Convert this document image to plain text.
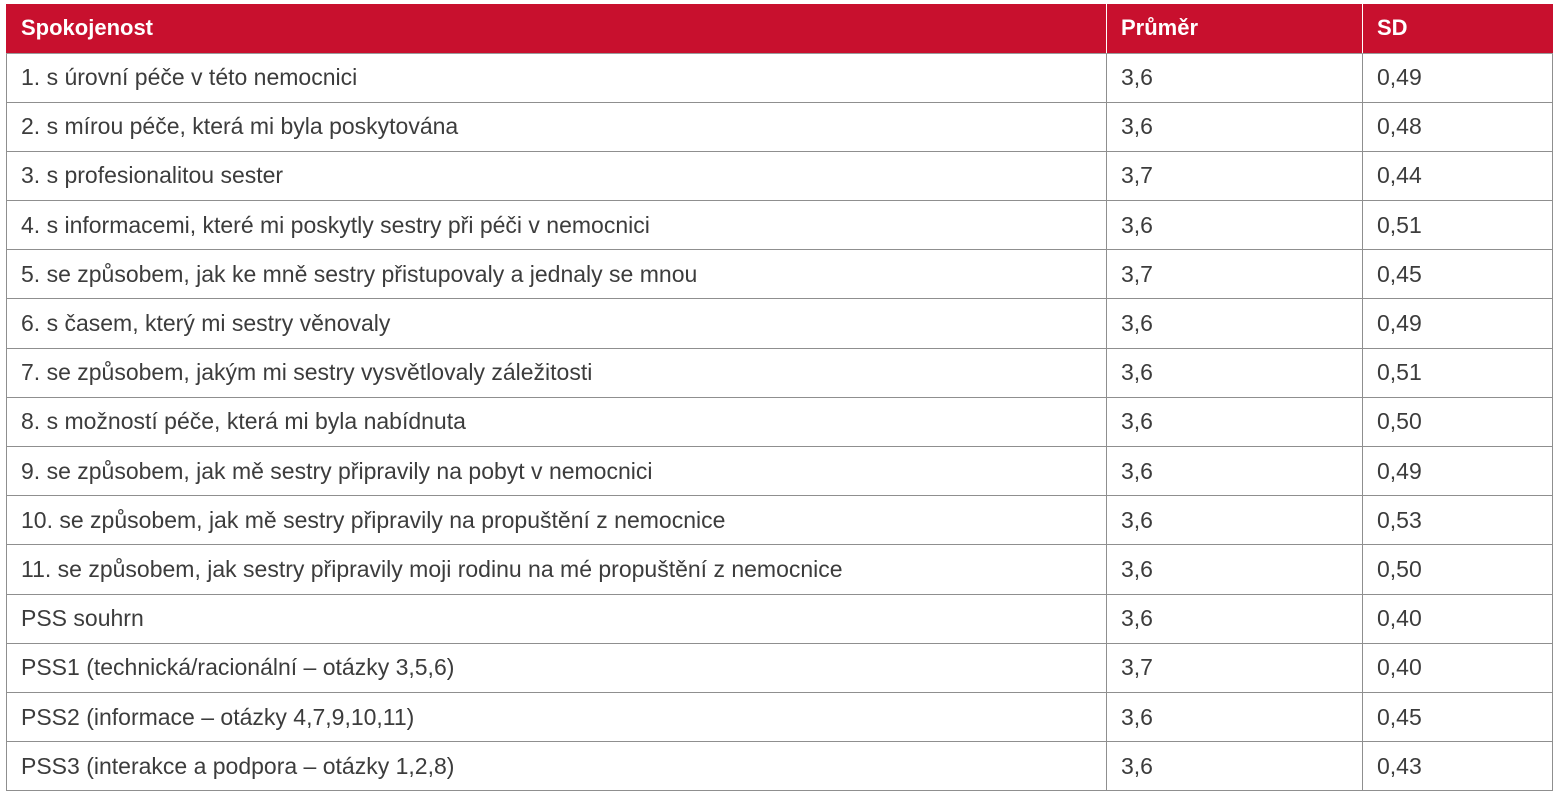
Spokojenost	Průměr	SD
1. s úrovní péče v této nemocnici	3,6	0,49
2. s mírou péče, která mi byla poskytována	3,6	0,48
3. s profesionalitou sester	3,7	0,44
4. s informacemi, které mi poskytly sestry při péči v nemocnici	3,6	0,51
5. se způsobem, jak ke mně sestry přistupovaly a jednaly se mnou	3,7	0,45
6. s časem, který mi sestry věnovaly	3,6	0,49
7. se způsobem, jakým mi sestry vysvětlovaly záležitosti	3,6	0,51
8. s možností péče, která mi byla nabídnuta	3,6	0,50
9. se způsobem, jak mě sestry připravily na pobyt v nemocnici	3,6	0,49
10. se způsobem, jak mě sestry připravily na propuštění z nemocnice	3,6	0,53
11. se způsobem, jak sestry připravily moji rodinu na mé propuštění z nemocnice	3,6	0,50
PSS souhrn	3,6	0,40
PSS1 (technická/racionální – otázky 3,5,6)	3,7	0,40
PSS2 (informace – otázky 4,7,9,10,11)	3,6	0,45
PSS3 (interakce a podpora – otázky 1,2,8)	3,6	0,43
